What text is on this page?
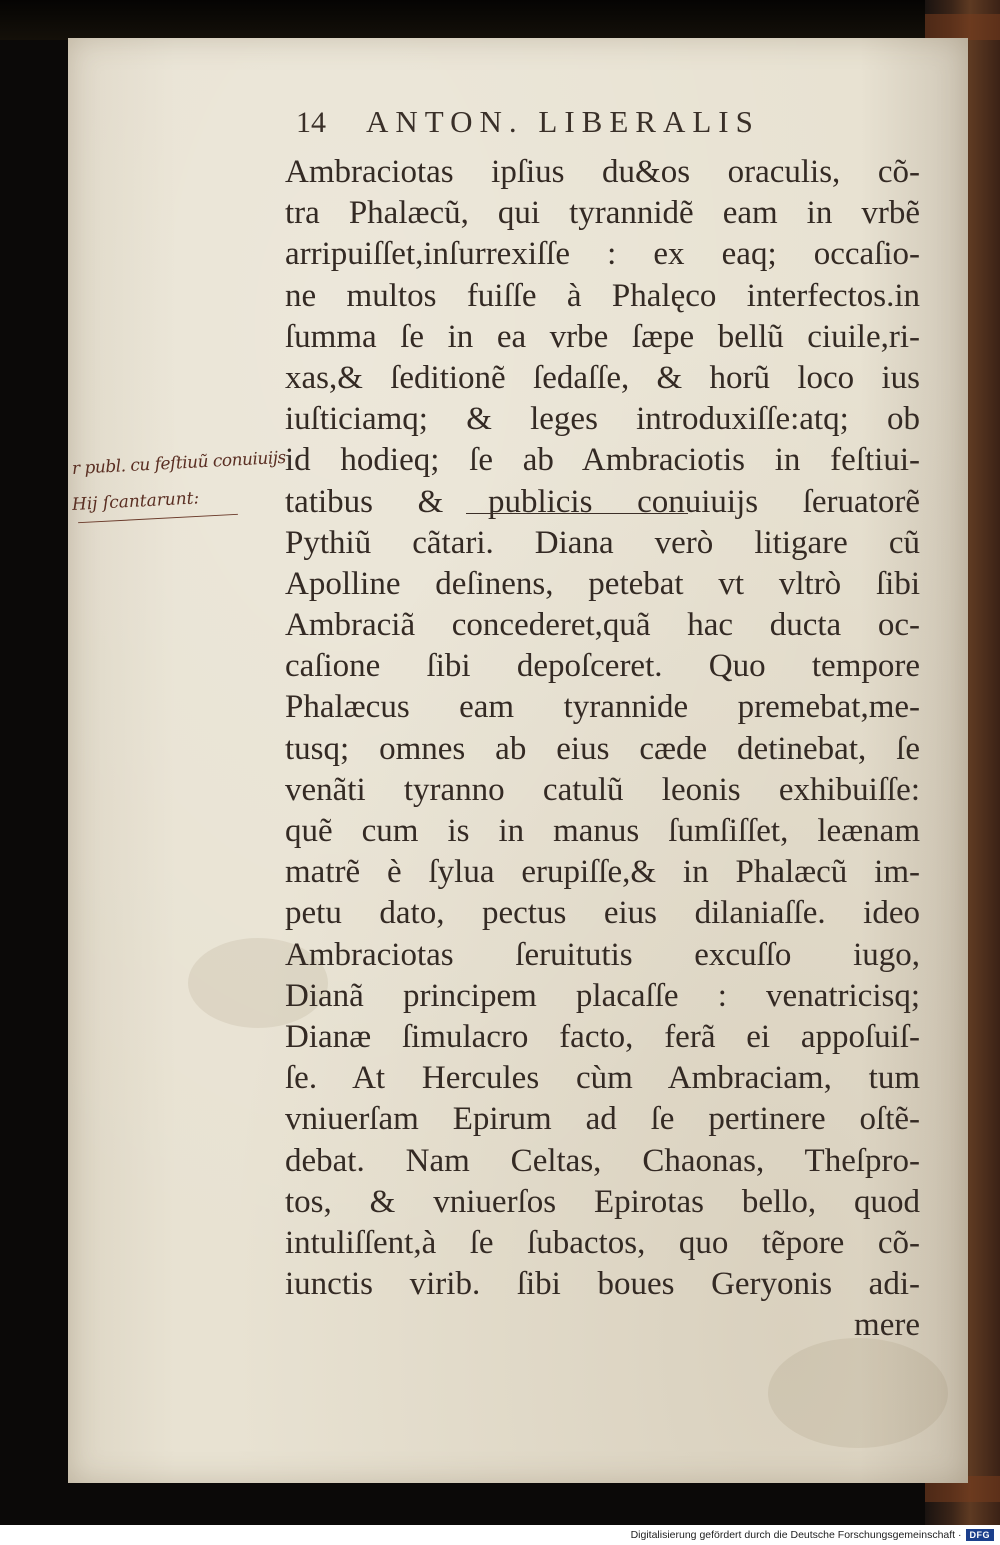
14 ANTON. LIBERALIS
Ambraciotas ipſius du&os oraculis, cõ-
tra Phalæcũ, qui tyrannidẽ eam in vrbẽ
arripuiſſet,inſurrexiſſe : ex eaq; occaſio-
ne multos fuiſſe à Phalęco interfectos.in
ſumma ſe in ea vrbe ſæpe bellũ ciuile,ri-
xas,& ſeditionẽ ſedaſſe, & horũ loco ius
iuſticiamq; & leges introduxiſſe:atq; ob
id hodieq; ſe ab Ambraciotis in feſtiui-
tatibus & publicis conuiuijs ſeruatorẽ
Pythiũ cãtari. Diana verò litigare cũ
Apolline deſinens, petebat vt vltrò ſibi
Ambraciã concederet,quã hac ducta oc-
caſione ſibi depoſceret. Quo tempore
Phalæcus eam tyrannide premebat,me-
tusq; omnes ab eius cæde detinebat, ſe
venãti tyranno catulũ leonis exhibuiſſe:
quẽ cum is in manus ſumſiſſet, leænam
matrẽ è ſylua erupiſſe,& in Phalæcũ im-
petu dato, pectus eius dilaniaſſe. ideo
Ambraciotas ſeruitutis excuſſo iugo,
Dianã principem placaſſe : venatricisq;
Dianæ ſimulacro facto, ferã ei appoſuiſ-
ſe. At Hercules cùm Ambraciam, tum
vniuerſam Epirum ad ſe pertinere oſtẽ-
debat. Nam Celtas, Chaonas, Theſpro-
tos, & vniuerſos Epirotas bello, quod
intuliſſent,à ſe ſubactos, quo tẽpore cõ-
iunctis virib. ſibi boues Geryonis adi-
mere
r publ. cu feſtiuũ conuiuijs
Hij ſcantarunt:
Digitalisierung gefördert durch die Deutsche Forschungsgemeinschaft · DFG
